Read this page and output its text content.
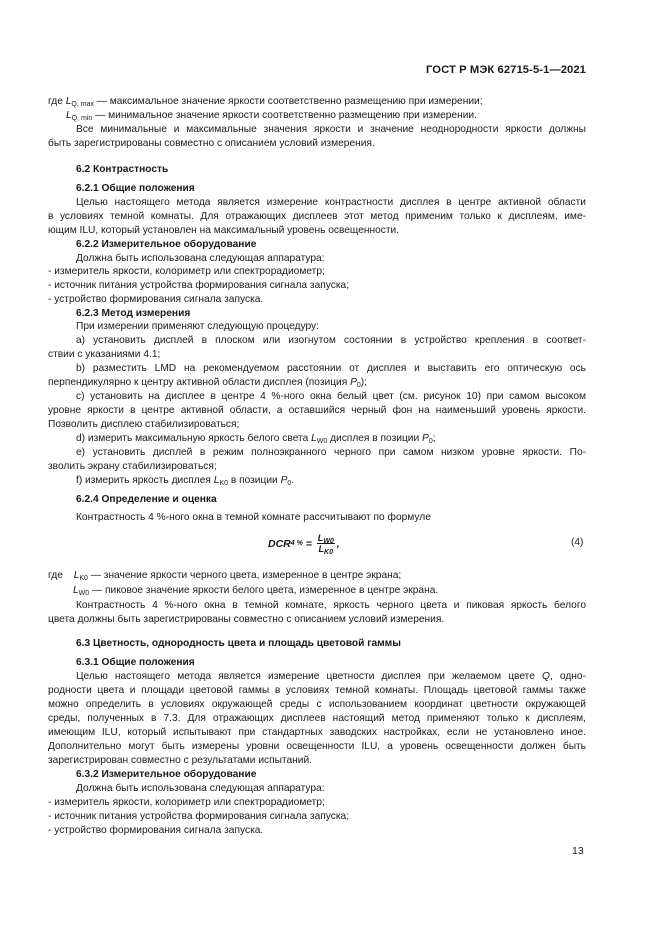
ГОСТ Р МЭК 62715-5-1—2021
где $L_{Q, max}$ — максимальное значение яркости соответственно размещению при измерении;
$L_{Q, min}$ — минимальное значение яркости соответственно размещению при измерении.
Все минимальные и максимальные значения яркости и значение неоднородности яркости должны
быть зарегистрированы совместно с описанием условий измерения.
6.2 Контрастность
6.2.1 Общие положения
Целью настоящего метода является измерение контрастности дисплея в центре активной области
в условиях темной комнаты. Для отражающих дисплеев этот метод применим только к дисплеям, име-
ющим ILU, который установлен на максимальный уровень освещенности.
6.2.2 Измерительное оборудование
Должна быть использована следующая аппаратура:
- измеритель яркости, колориметр или спектрорадиометр;
- источник питания устройства формирования сигнала запуска;
- устройство формирования сигнала запуска.
6.2.3 Метод измерения
При измерении применяют следующую процедуру:
a) установить дисплей в плоском или изогнутом состоянии в устройство крепления в соответ-
ствии с указаниями 4.1;
b) разместить LMD на рекомендуемом расстоянии от дисплея и выставить его оптическую ось
перпендикулярно к центру активной области дисплея (позиция $P_0$);
c) установить на дисплее в центре 4 %-ного окна белый цвет (см. рисунок 10) при самом высоком
уровне яркости в центре активной области, а оставшийся черный фон на наименьший уровень яркости.
Позволить дисплею стабилизироваться;
d) измерить максимальную яркость белого света $L_{W0}$ дисплея в позиции $P_0$;
e) установить дисплей в режим полноэкранного черного при самом низком уровне яркости. По-
зволить экрану стабилизироваться;
f) измерить яркость дисплея $L_{K0}$ в позиции $P_0$.
6.2.4 Определение и оценка
Контрастность 4 %-ного окна в темной комнате рассчитывают по формуле
DCR 4 % = $\frac{L_{W0}}{L_{K0}}$ ,	(4)
где $L_{K0}$ — значение яркости черного цвета, измеренное в центре экрана;
$L_{W0}$ — пиковое значение яркости белого цвета, измеренное в центре экрана.
Контрастность 4 %-ного окна в темной комнате, яркость черного цвета и пиковая яркость белого
цвета должны быть зарегистрированы совместно с описанием условий измерения.
6.3 Цветность, однородность цвета и площадь цветовой гаммы
6.3.1 Общие положения
Целью настоящего метода является измерение цветности дисплея при желаемом цвете Q, одно-
родности цвета и площади цветовой гаммы в условиях темной комнаты. Площадь цветовой гаммы также
можно определить в условиях окружающей среды с использованием координат цветности окружающей
среды, полученных в 7.3. Для отражающих дисплеев настоящий метод применяют только к дисплеям,
имеющим ILU, который испытывают при стандартных заводских настройках, если не установлено иное.
Дополнительно могут быть измерены уровни освещенности ILU, а уровень освещенности должен быть
зарегистрирован совместно с результатами испытаний.
6.3.2 Измерительное оборудование
Должна быть использована следующая аппаратура:
- измеритель яркости, колориметр или спектрорадиометр;
- источник питания устройства формирования сигнала запуска;
- устройство формирования сигнала запуска.
13
